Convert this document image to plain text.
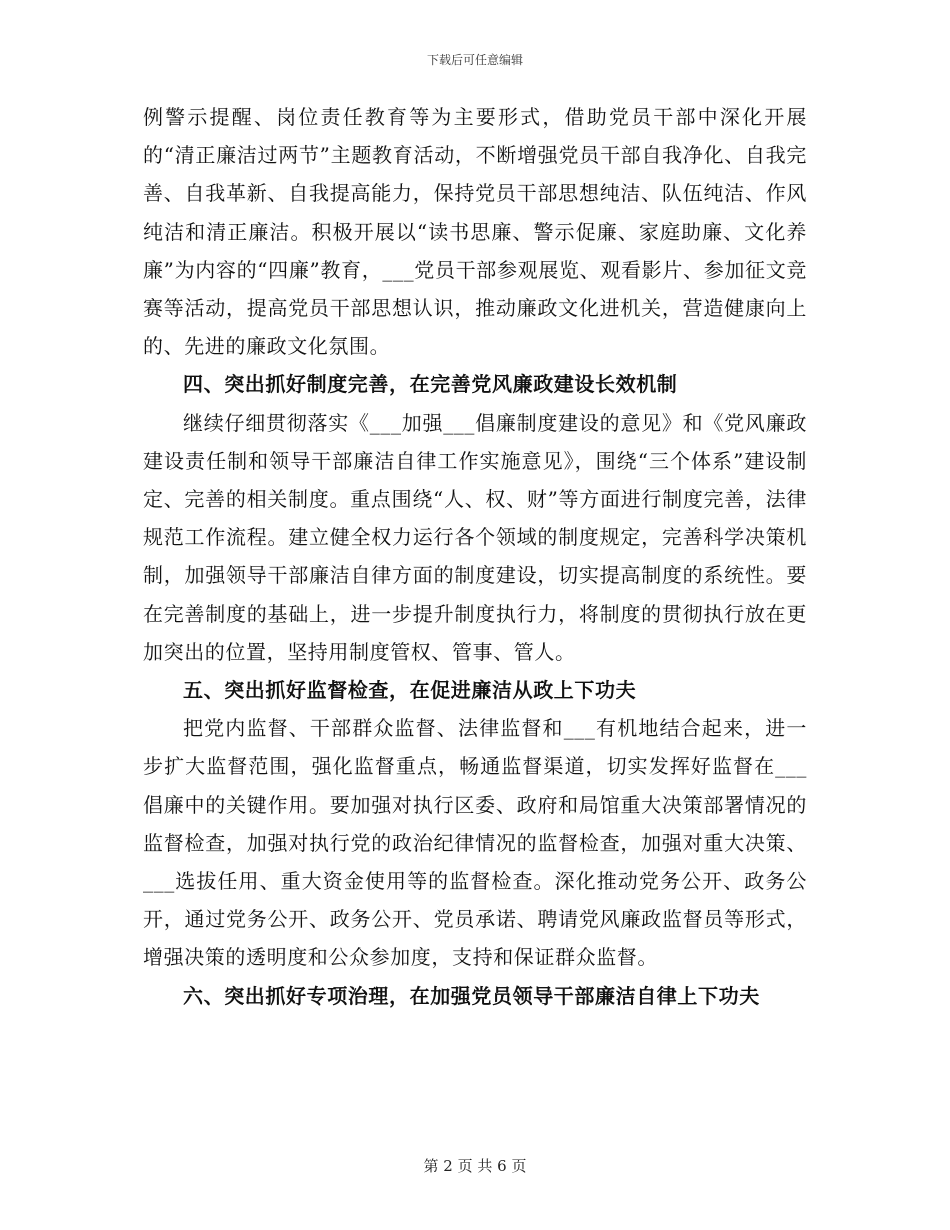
下载后可任意编辑

例警示提醒、岗位责任教育等为主要形式，借助党员干部中深化开展的“清正廉洁过两节”主题教育活动，不断增强党员干部自我净化、自我完善、自我革新、自我提高能力，保持党员干部思想纯洁、队伍纯洁、作风纯洁和清正廉洁。积极开展以“读书思廉、警示促廉、家庭助廉、文化养廉”为内容的“四廉”教育，___党员干部参观展览、观看影片、参加征文竞赛等活动，提高党员干部思想认识，推动廉政文化进机关，营造健康向上的、先进的廉政文化氛围。

四、突出抓好制度完善，在完善党风廉政建设长效机制

继续仔细贯彻落实《___加强___倡廉制度建设的意见》和《党风廉政建设责任制和领导干部廉洁自律工作实施意见》，围绕“三个体系”建设制定、完善的相关制度。重点围绕“人、权、财”等方面进行制度完善，法律规范工作流程。建立健全权力运行各个领域的制度规定，完善科学决策机制，加强领导干部廉洁自律方面的制度建设，切实提高制度的系统性。要在完善制度的基础上，进一步提升制度执行力，将制度的贯彻执行放在更加突出的位置，坚持用制度管权、管事、管人。

五、突出抓好监督检查，在促进廉洁从政上下功夫

把党内监督、干部群众监督、法律监督和___有机地结合起来，进一步扩大监督范围，强化监督重点，畅通监督渠道，切实发挥好监督在___倡廉中的关键作用。要加强对执行区委、政府和局馆重大决策部署情况的监督检查，加强对执行党的政治纪律情况的监督检查，加强对重大决策、___选拔任用、重大资金使用等的监督检查。深化推动党务公开、政务公开，通过党务公开、政务公开、党员承诺、聘请党风廉政监督员等形式，增强决策的透明度和公众参加度，支持和保证群众监督。

六、突出抓好专项治理，在加强党员领导干部廉洁自律上下功夫

第 2 页 共 6 页
